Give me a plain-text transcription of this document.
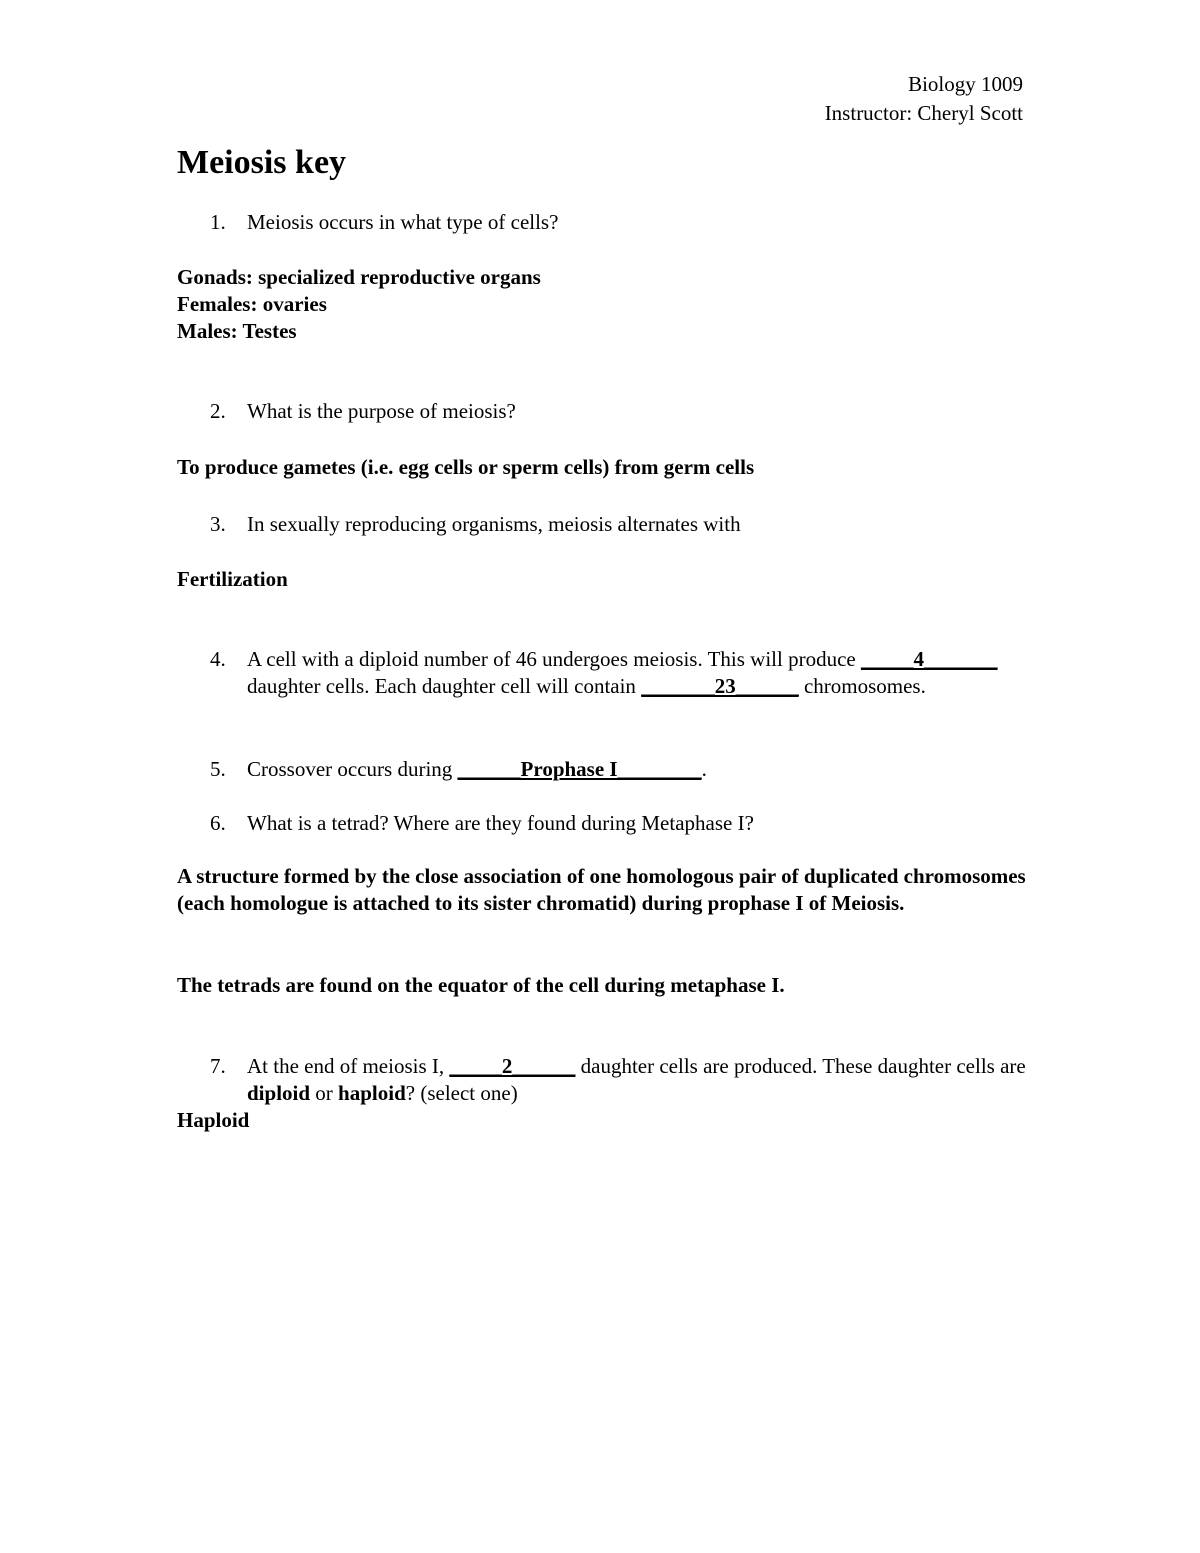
Biology 1009
Instructor: Cheryl Scott
Meiosis key
1. Meiosis occurs in what type of cells?
Gonads: specialized reproductive organs
Females: ovaries
Males: Testes
2. What is the purpose of meiosis?
To produce gametes (i.e. egg cells or sperm cells) from germ cells
3. In sexually reproducing organisms, meiosis alternates with
Fertilization
4. A cell with a diploid number of 46 undergoes meiosis. This will produce _____4_______ daughter cells. Each daughter cell will contain _______23______ chromosomes.
5. Crossover occurs during ______Prophase I________.
6. What is a tetrad? Where are they found during Metaphase I?
A structure formed by the close association of one homologous pair of duplicated chromosomes (each homologue is attached to its sister chromatid) during prophase I of Meiosis.
The tetrads are found on the equator of the cell during metaphase I.
7. At the end of meiosis I, _____2______ daughter cells are produced. These daughter cells are diploid or haploid? (select one)
Haploid
